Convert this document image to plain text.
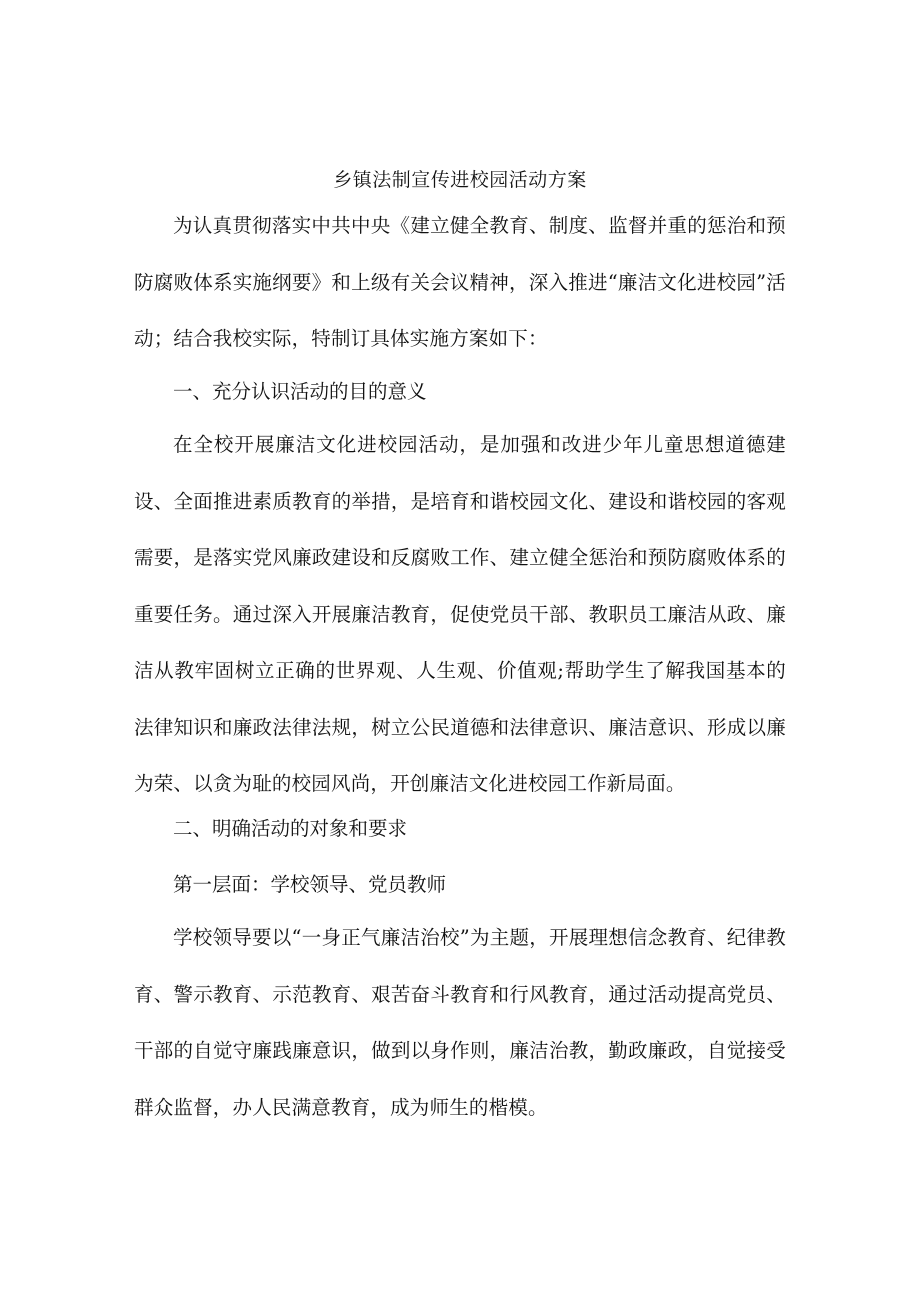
乡镇法制宣传进校园活动方案

为认真贯彻落实中共中央《建立健全教育、制度、监督并重的惩治和预防腐败体系实施纲要》和上级有关会议精神，深入推进“廉洁文化进校园”活动；结合我校实际，特制订具体实施方案如下：

一、充分认识活动的目的意义

在全校开展廉洁文化进校园活动，是加强和改进少年儿童思想道德建设、全面推进素质教育的举措，是培育和谐校园文化、建设和谐校园的客观需要，是落实党风廉政建设和反腐败工作、建立健全惩治和预防腐败体系的重要任务。通过深入开展廉洁教育，促使党员干部、教职员工廉洁从政、廉洁从教牢固树立正确的世界观、人生观、价值观;帮助学生了解我国基本的法律知识和廉政法律法规，树立公民道德和法律意识、廉洁意识、形成以廉为荣、以贪为耻的校园风尚，开创廉洁文化进校园工作新局面。

二、明确活动的对象和要求

第一层面：学校领导、党员教师

学校领导要以“一身正气廉洁治校”为主题，开展理想信念教育、纪律教育、警示教育、示范教育、艰苦奋斗教育和行风教育，通过活动提高党员、干部的自觉守廉践廉意识，做到以身作则，廉洁治教，勤政廉政，自觉接受群众监督，办人民满意教育，成为师生的楷模。
